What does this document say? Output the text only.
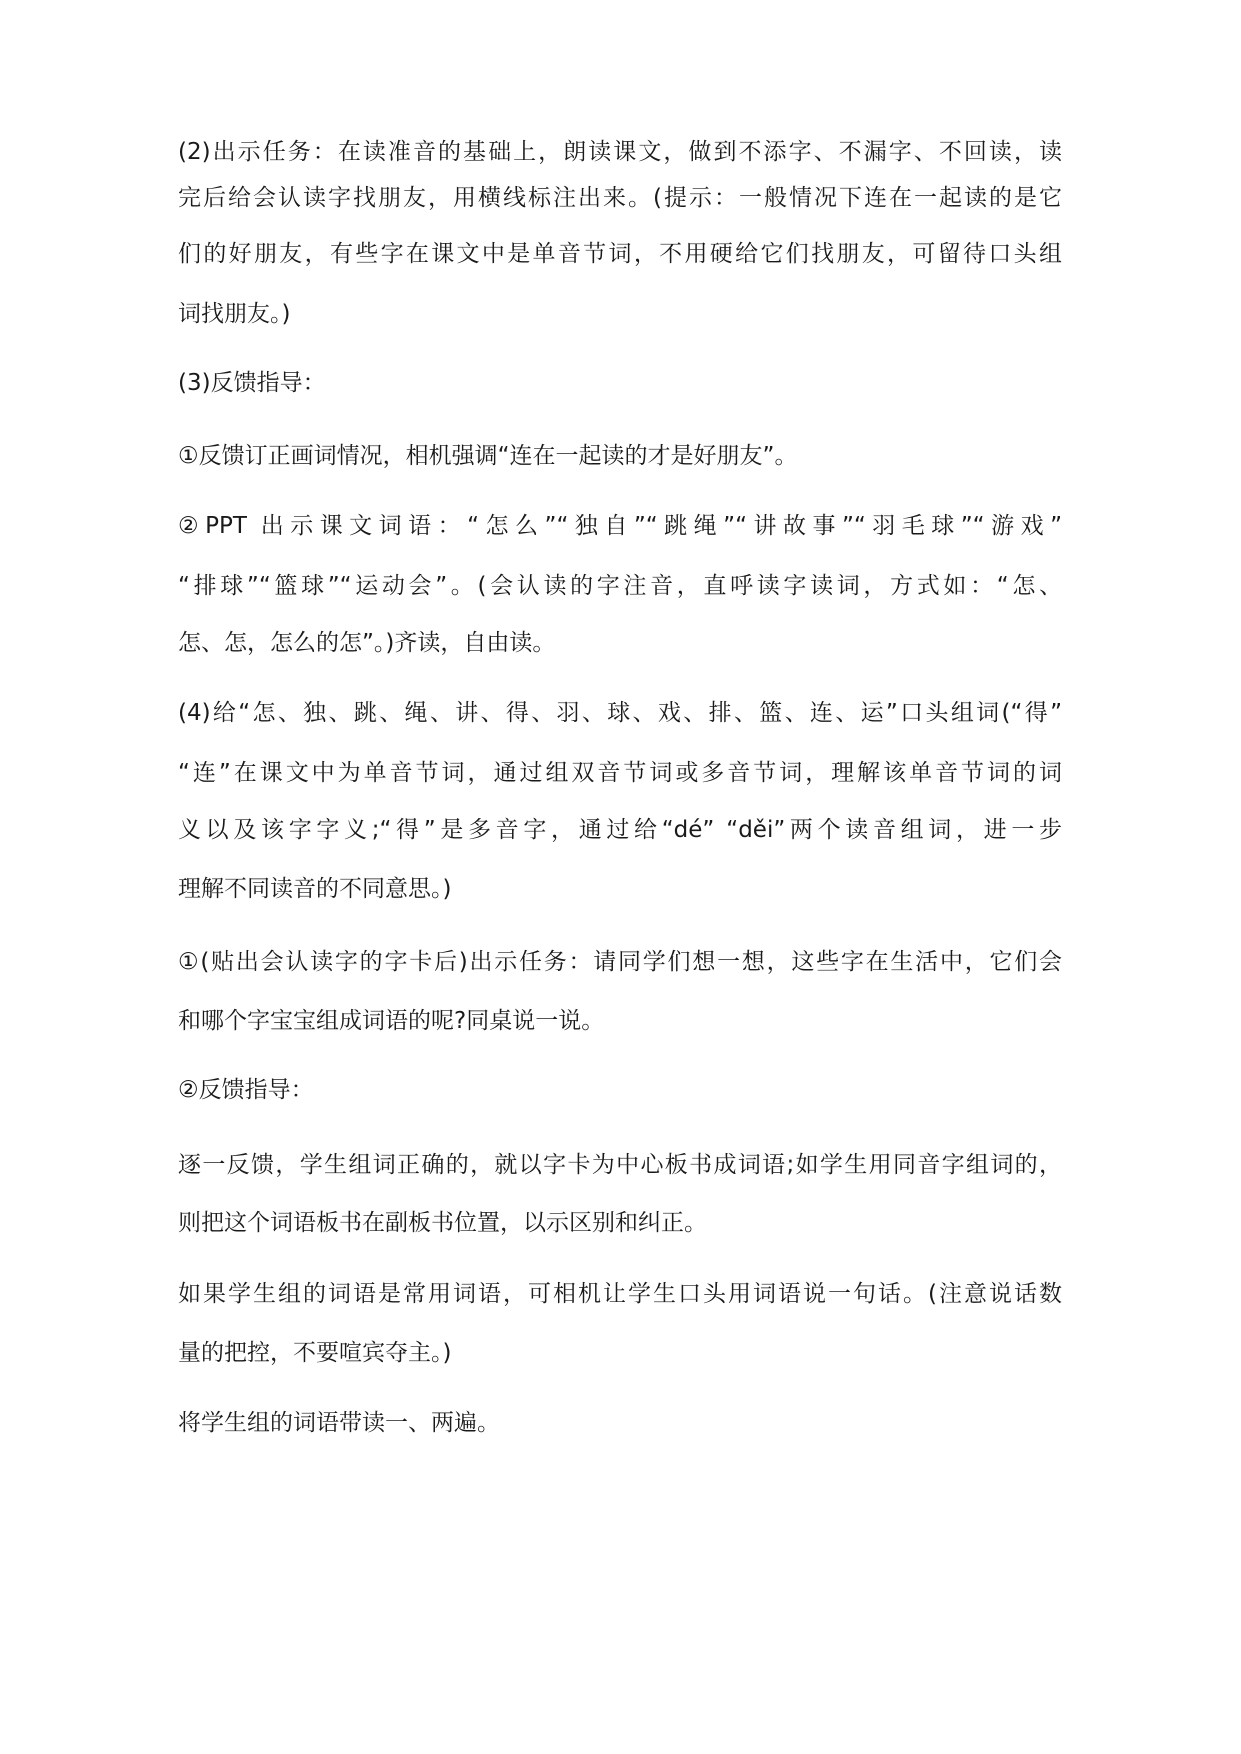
(2)出示任务：在读准音的基础上，朗读课文，做到不添字、不漏字、不回读，读
完后给会认读字找朋友，用横线标注出来。(提示：一般情况下连在一起读的是它
们的好朋友，有些字在课文中是单音节词，不用硬给它们找朋友，可留待口头组
词找朋友。)
(3)反馈指导：
①反馈订正画词情况，相机强调“连在一起读的才是好朋友”。
②PPT 出示课文词语：“怎么”“独自”“跳绳”“讲故事”“羽毛球”“游戏”
“排球”“篮球”“运动会”。(会认读的字注音，直呼读字读词，方式如：“怎、
怎、怎，怎么的怎”。)齐读，自由读。
(4)给“怎、独、跳、绳、讲、得、羽、球、戏、排、篮、连、运”口头组词(“得”
“连”在课文中为单音节词，通过组双音节词或多音节词，理解该单音节词的词
义以及该字字义;“得”是多音字，通过给“dé” “děi”两个读音组词，进一步
理解不同读音的不同意思。)
①(贴出会认读字的字卡后)出示任务：请同学们想一想，这些字在生活中，它们会
和哪个字宝宝组成词语的呢?同桌说一说。
②反馈指导：
逐一反馈，学生组词正确的，就以字卡为中心板书成词语;如学生用同音字组词的，
则把这个词语板书在副板书位置，以示区别和纠正。
如果学生组的词语是常用词语，可相机让学生口头用词语说一句话。(注意说话数
量的把控，不要喧宾夺主。)
将学生组的词语带读一、两遍。
